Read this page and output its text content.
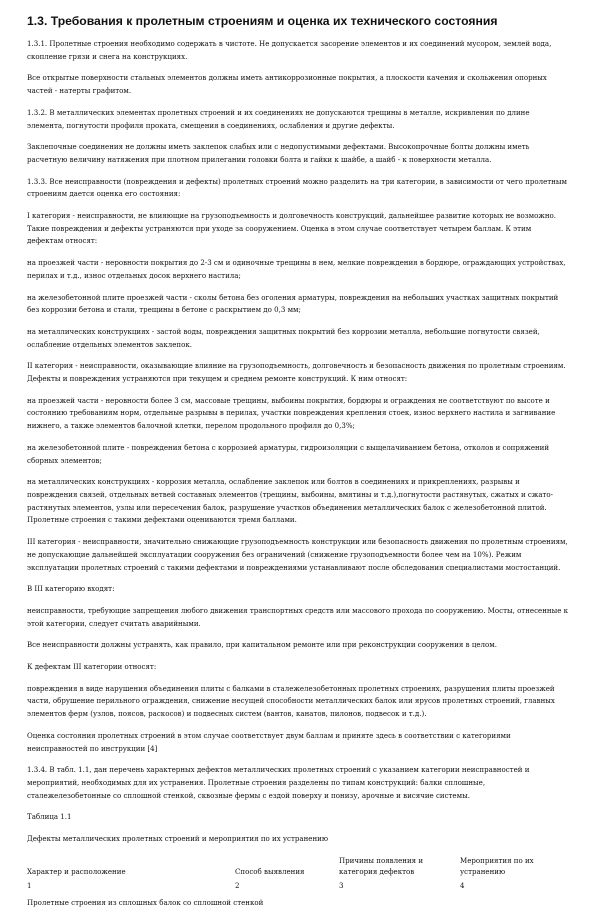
1.3. Требования к пролетным строениям и оценка их технического состояния

1.3.1. Пролетные строения необходимо содержать в чистоте. Не допускается засорение элементов и их соединений мусором, землей вода, скопление грязи и снега на конструкциях.

Все открытые поверхности стальных элементов должны иметь антикоррозионные покрытия, а плоскости качения и скольжения опорных частей - натерты графитом.

1.3.2. В металлических элементах пролетных строений и их соединениях не допускаются трещины в металле, искривления по длине элемента, погнутости профиля проката, смещения в соединениях, ослабления и другие дефекты.

Заклепочные соединения не должны иметь заклепок слабых или с недопустимыми дефектами. Высокопрочные болты должны иметь расчетную величину натяжения при плотном прилегании головки болта и гайки к шайбе, а шайб - к поверхности металла.

1.3.3. Все неисправности (повреждения и дефекты) пролетных строений можно разделить на три категории, в зависимости от чего пролетным строениям дается оценка его состояния:

I категория - неисправности, не влияющие на грузоподъемность и долговечность конструкций, дальнейшее развитие которых не возможно. Такие повреждения и дефекты устраняются при уходе за сооружением. Оценка в этом случае соответствует четырем баллам. К этим дефектам относят:

на проезжей части - неровности покрытия до 2-3 см и одиночные трещины в нем, мелкие повреждения в бордюре, ограждающих устройствах, перилах и т.д., износ отдельных досок верхнего настила;

на железобетонной плите проезжей части - сколы бетона без оголения арматуры, повреждения на небольших участках защитных покрытий без коррозии бетона и стали, трещины в бетоне с раскрытием до 0,3 мм;

на металлических конструкциях - застой воды, повреждения защитных покрытий без коррозии металла, небольшие погнутости связей, ослабление отдельных элементов заклепок.

II категория - неисправности, оказывающие влияние на грузоподъемность, долговечность и безопасность движения по пролетным строениям. Дефекты и повреждения устраняются при текущем и среднем ремонте конструкций. К ним относят:

на проезжей части - неровности более 3 см, массовые трещины, выбоины покрытия, бордюры и ограждения не соответствуют по высоте и состоянию требованиям норм, отдельные разрывы в перилах, участки повреждения крепления стоек, износ верхнего настила и загнивание нижнего, а также элементов балочной клетки, перелом продольного профиля до 0,3%;

на железобетонной плите - повреждения бетона с коррозией арматуры, гидроизоляции с выщелачиванием бетона, отколов и сопряжений сборных элементов;

на металлических конструкциях - коррозия металла, ослабление заклепок или болтов в соединениях и прикреплениях, разрывы и повреждения связей, отдельных ветвей составных элементов (трещины, выбоины, вмятины и т.д.),погнутости растянутых, сжатых и сжато-растянутых элементов, узлы или пересечения балок, разрушение участков объединения металлических балок с железобетонной плитой. Пролетные строения с такими дефектами оцениваются тремя баллами.

III категория - неисправности, значительно снижающие грузоподъемность конструкции или безопасность движения по пролетным строениям, не допускающие дальнейшей эксплуатации сооружения без ограничений (снижение грузоподъемности более чем на 10%). Режим эксплуатации пролетных строений с такими дефектами и повреждениями устанавливают после обследования специалистами мостостанций.

В III категорию входят:

неисправности, требующие запрещения любого движения транспортных средств или массового прохода по сооружению. Мосты, отнесенные к этой категории, следует считать аварийными.

Все неисправности должны устранять, как правило, при капитальном ремонте или при реконструкции сооружения в целом.

К дефектам III категории относят:

повреждения в виде нарушения объединения плиты с балками в сталежелезобетонных пролетных строениях, разрушения плиты проезжей части, обрушение перильного ограждения, снижение несущей способности металлических балок или ярусов пролетных строений, главных элементов ферм (узлов, поясов, раскосов) и подвесных систем (вантов, канатов, пилонов, подвесок и т.д.).

Оценка состояния пролетных строений в этом случае соответствует двум баллам и приняте здесь в соответствии с категориями неисправностей по инструкции [4]

1.3.4. В табл. 1.1, дан перечень характерных дефектов металлических пролетных строений с указанием категории неисправностей и мероприятий, необходимых для их устранения. Пролетные строения разделены по типам конструкций: балки сплошные, сталежелезобетонные со сплошной стенкой, сквозные фермы с ездой поверху и понизу, арочные и висячие системы.

Таблица 1.1

Дефекты металлических пролетных строений и мероприятия по их устранению

Характер и расположение	Способ выявления	Причины появления и категория дефектов	Мероприятия по их устранению
1	2	3	4
Пролетные строения из сплошных балок со сплошной стенкой			
